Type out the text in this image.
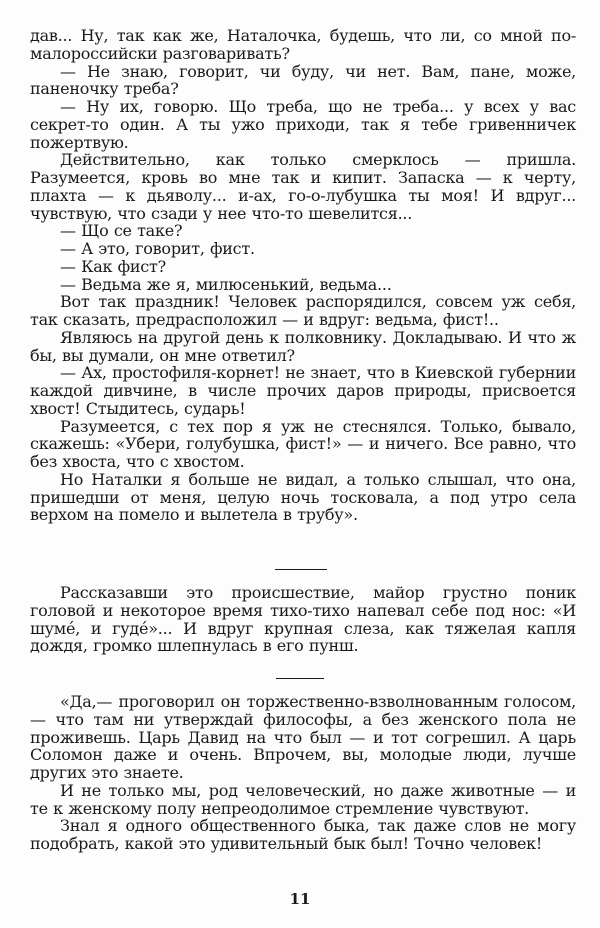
дав... Ну, так как же, Наталочка, будешь, что ли, со мной по-малороссийски разговаривать?

— Не знаю, говорит, чи буду, чи нет. Вам, пане, може, паненочку треба?

— Ну их, говорю. Що треба, що не треба... у всех у вас секрет-то один. А ты ужо приходи, так я тебе гривенничек пожертвую.

Действительно, как только смерклось — пришла. Разумеется, кровь во мне так и кипит. Запаска — к черту, плахта — к дьяволу... и-ах, го-о-лубушка ты моя! И вдруг... чувствую, что сзади у нее что-то шевелится...

— Що се таке?

— А это, говорит, фист.

— Как фист?

— Ведьма же я, милюсенький, ведьма...

Вот так праздник! Человек распорядился, совсем уж себя, так сказать, предрасположил — и вдруг: ведьма, фист!..

Являюсь на другой день к полковнику. Докладываю. И что ж бы, вы думали, он мне ответил?

— Ах, простофиля-корнет! не знает, что в Киевской губернии каждой дивчине, в числе прочих даров природы, присвоется хвост! Стыдитесь, сударь!

Разумеется, с тех пор я уж не стеснялся. Только, бывало, скажешь: «Убери, голубушка, фист!» — и ничего. Все равно, что без хвоста, что с хвостом.

Но Наталки я больше не видал, а только слышал, что она, пришедши от меня, целую ночь тосковала, а под утро села верхом на помело и вылетела в трубу».

Рассказавши это происшествие, майор грустно поник головой и некоторое время тихо-тихо напевал себе под нос: «И шуме́, и гуде́»... И вдруг крупная слеза, как тяжелая капля дождя, громко шлепнулась в его пунш.

«Да,— проговорил он торжественно-взволнованным голосом,— что там ни утверждай философы, а без женского пола не проживешь. Царь Давид на что был — и тот согрешил. А царь Соломон даже и очень. Впрочем, вы, молодые люди, лучше других это знаете.

И не только мы, род человеческий, но даже животные — и те к женскому полу непреодолимое стремление чувствуют.

Знал я одного общественного быка, так даже слов не могу подобрать, какой это удивительный бык был! Точно человек!

11
